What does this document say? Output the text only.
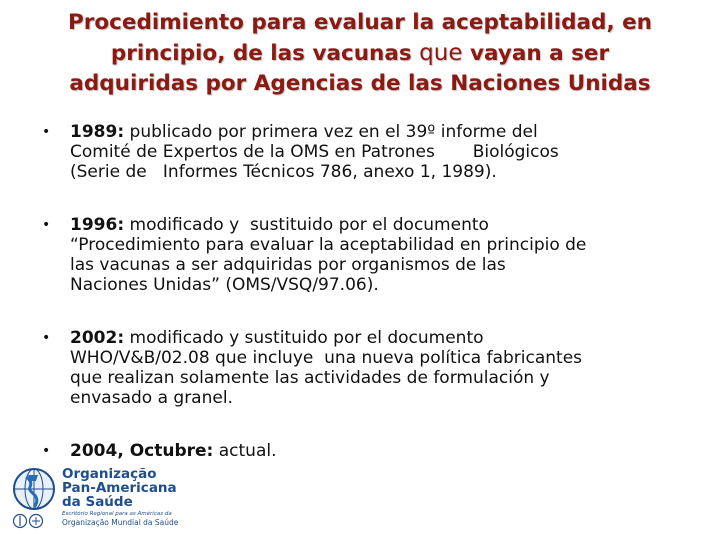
Procedimiento para evaluar la aceptabilidad, en
principio, de las vacunas que vayan a ser
adquiridas por Agencias de las Naciones Unidas
• 1989: publicado por primera vez en el 39º informe del
Comité de Expertos de la OMS en Patrones       Biológicos
(Serie de   Informes Técnicos 786, anexo 1, 1989).
• 1996: modificado y  sustituido por el documento
“Procedimiento para evaluar la aceptabilidad en principio de
las vacunas a ser adquiridas por organismos de las
Naciones Unidas” (OMS/VSQ/97.06).
• 2002: modificado y sustituido por el documento
WHO/V&B/02.08 que incluye  una nueva política fabricantes
que realizan solamente las actividades de formulación y
envasado a granel.
• 2004, Octubre: actual.
Organização
Pan-Americana
da Saúde
Escritório Regional para as Américas da
Organização Mundial da Saúde
